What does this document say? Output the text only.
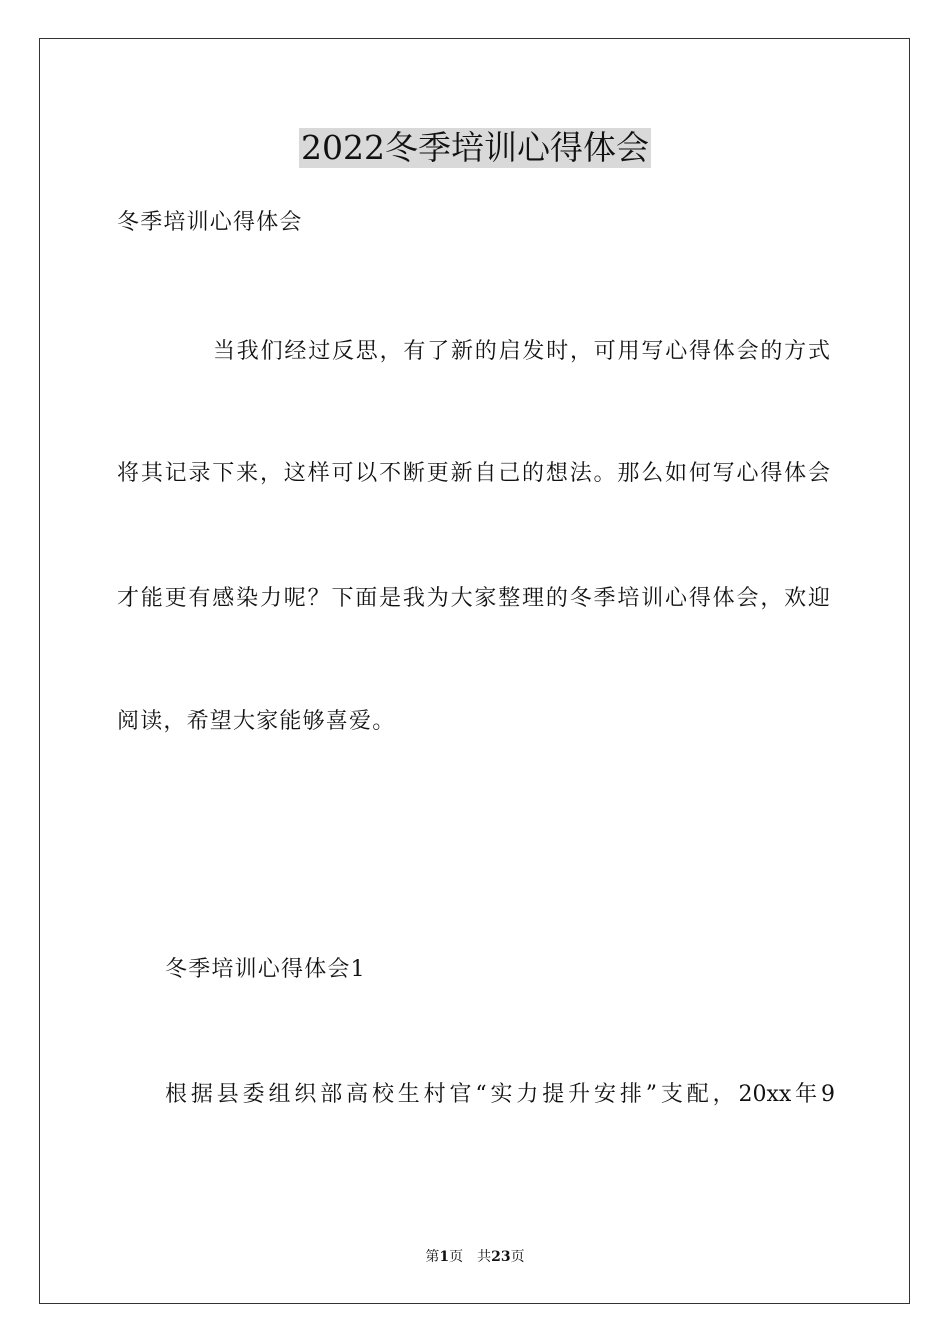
2022冬季培训心得体会
冬季培训心得体会
当我们经过反思，有了新的启发时，可用写心得体会的方式
将其记录下来，这样可以不断更新自己的想法。那么如何写心得体会
才能更有感染力呢？下面是我为大家整理的冬季培训心得体会，欢迎
阅读，希望大家能够喜爱。
冬季培训心得体会1
根据县委组织部高校生村官“实力提升安排”支配，20xx年9
第1页　共23页
